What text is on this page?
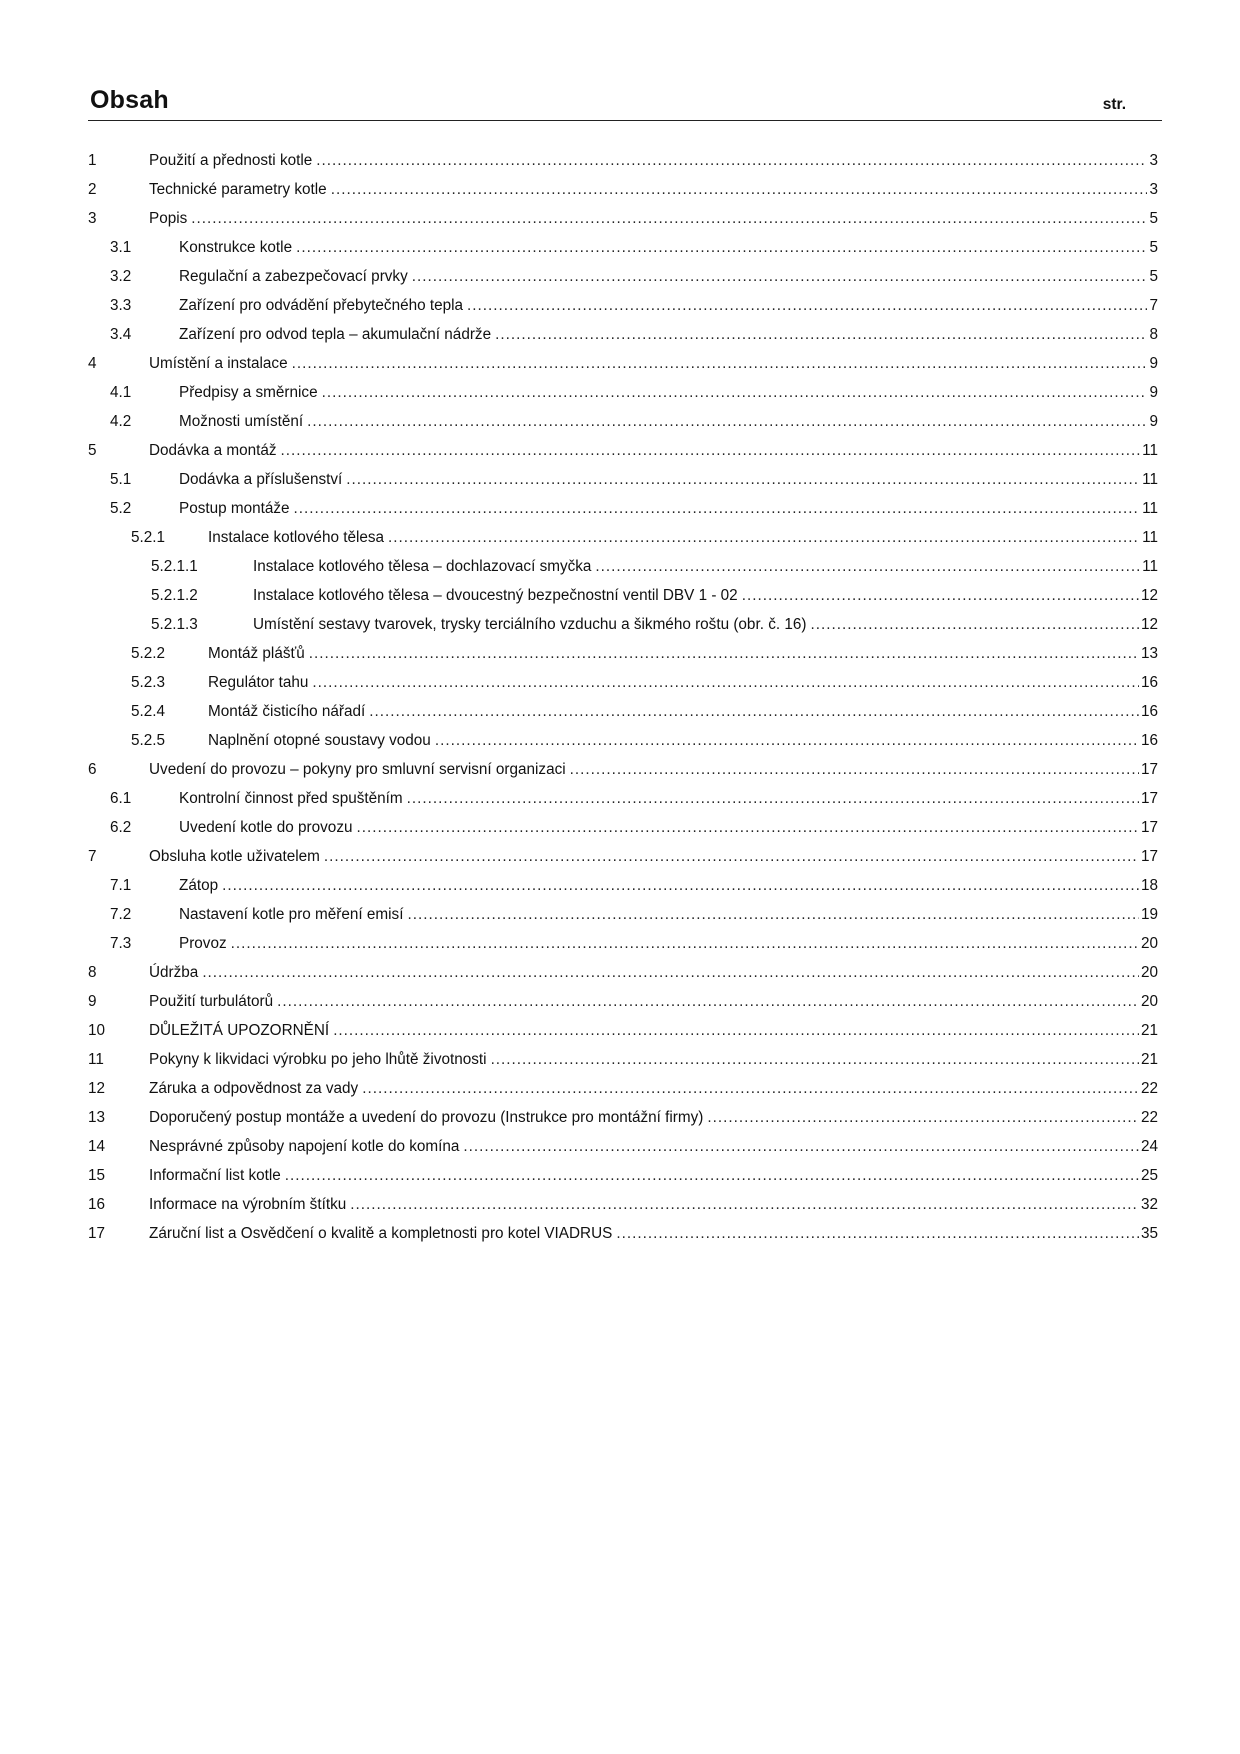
Obsah	str.
1	Použití a přednosti kotle .....	3
2	Technické parametry kotle .....	3
3	Popis .....	5
3.1	Konstrukce kotle .....	5
3.2	Regulační a zabezpečovací prvky .....	5
3.3	Zařízení pro odvádění přebytečného tepla .....	7
3.4	Zařízení pro odvod tepla – akumulační nádrže .....	8
4	Umístění a instalace .....	9
4.1	Předpisy a směrnice .....	9
4.2	Možnosti umístění .....	9
5	Dodávka a montáž .....	11
5.1	Dodávka a příslušenství .....	11
5.2	Postup montáže .....	11
5.2.1	Instalace kotlového tělesa .....	11
5.2.1.1	Instalace kotlového tělesa – dochlazovací smyčka .....	11
5.2.1.2	Instalace kotlového tělesa – dvoucestný bezpečnostní ventil DBV 1 - 02 .....	12
5.2.1.3	Umístění sestavy tvarovek, trysky terciálního vzduchu a šikmého roštu (obr. č. 16) .....	12
5.2.2	Montáž plášťů .....	13
5.2.3	Regulátor tahu .....	16
5.2.4	Montáž čisticího nářadí .....	16
5.2.5	Naplnění otopné soustavy vodou .....	16
6	Uvedení do provozu – pokyny pro smluvní servisní organizaci .....	17
6.1	Kontrolní činnost před spuštěním .....	17
6.2	Uvedení kotle do provozu .....	17
7	Obsluha kotle uživatelem .....	17
7.1	Zátop .....	18
7.2	Nastavení kotle pro měření emisí .....	19
7.3	Provoz .....	20
8	Údržba .....	20
9	Použití turbulátorů .....	20
10	DŮLEŽITÁ UPOZORNĚNÍ .....	21
11	Pokyny k likvidaci výrobku po jeho lhůtě životnosti .....	21
12	Záruka a odpovědnost za vady .....	22
13	Doporučený postup montáže a uvedení do provozu (Instrukce pro montážní firmy) .....	22
14	Nesprávné způsoby napojení kotle do komína .....	24
15	Informační list kotle .....	25
16	Informace na výrobním štítku .....	32
17	Záruční list a Osvědčení o kvalitě a kompletnosti pro kotel VIADRUS .....	35
